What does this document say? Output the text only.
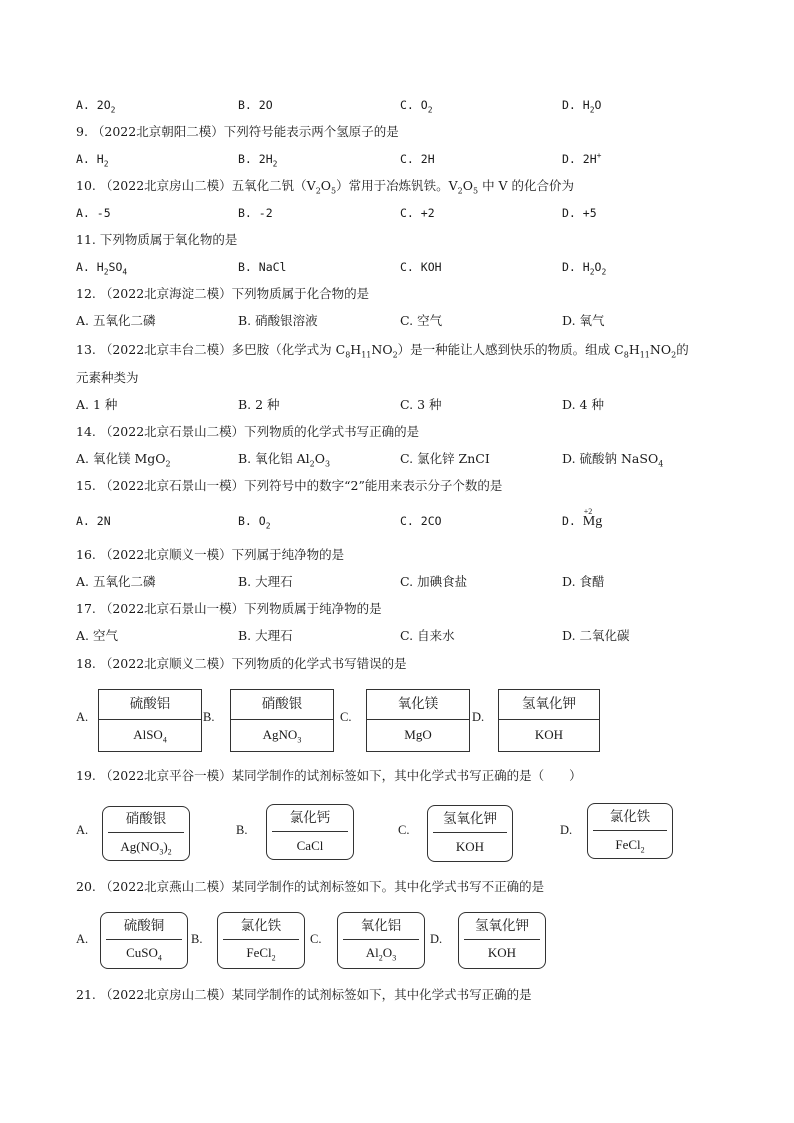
A. $2O_2$	B. 2O	C. $O_2$	D. $H_2O$
9. （2022北京朝阳二模）下列符号能表示两个氢原子的是
A. $H_2$	B. $2H_2$	C. 2H	D. 2H+
10. （2022北京房山二模）五氧化二钒$(V_2O_5)$常用于冶炼钒铁。$V_2O_5$ 中 V 的化合价为
A. -5	B. -2	C. +2	D. +5
11. 下列物质属于氧化物的是
A. $H_2SO_4$	B. NaCl	C. KOH	D. $H_2O_2$
12. （2022北京海淀二模）下列物质属于化合物的是
A. 五氧化二磷	B. 硝酸银溶液	C. 空气	D. 氧气
13. （2022北京丰台二模）多巴胺（化学式为 $C_8H_{11}NO_2$）是一种能让人感到快乐的物质。组成 $C_8H_{11}NO_2$的
元素种类为
A. 1 种	B. 2 种	C. 3 种	D. 4 种
14. （2022北京石景山二模）下列物质的化学式书写正确的是
A. 氧化镁 MgO$_2$	B. 氧化铝 $Al_2O_3$	C. 氯化锌 ZnCI	D. 硫酸钠 NaSO$_4$
15. （2022北京石景山一模）下列符号中的数字“2”能用来表示分子个数的是
A. 2N	B. $O_2$	C. 2CO	D.
+2
Mg
16. （2022北京顺义一模）下列属于纯净物的是
A. 五氧化二磷	B. 大理石	C. 加碘食盐	D. 食醋
17. （2022北京石景山一模）下列物质属于纯净物的是
A. 空气	B. 大理石	C. 自来水	D. 二氧化碳
18. （2022北京顺义二模）下列物质的化学式书写错误的是
A.
硫酸铝
AlSO$_4$
B.
硝酸银
AgNO$_3$
C.
氧化镁
MgO
D.
氢氧化钾
KOH
19. （2022北京平谷一模）某同学制作的试剂标签如下，其中化学式书写正确的是（　　）
A.
硝酸银
$Ag(NO_3)_2$
B.
氯化钙
CaCl
C.
氢氧化钾
KOH
D.
氯化铁
FeCl$_2$
20. （2022北京燕山二模）某同学制作的试剂标签如下。其中化学式书写不正确的是
A.
硫酸铜
CuSO$_4$
B.
氯化铁
FeCl$_2$
C.
氧化铝
$Al_2O_3$
D.
氢氧化钾
KOH
21. （2022北京房山二模）某同学制作的试剂标签如下，其中化学式书写正确的是
